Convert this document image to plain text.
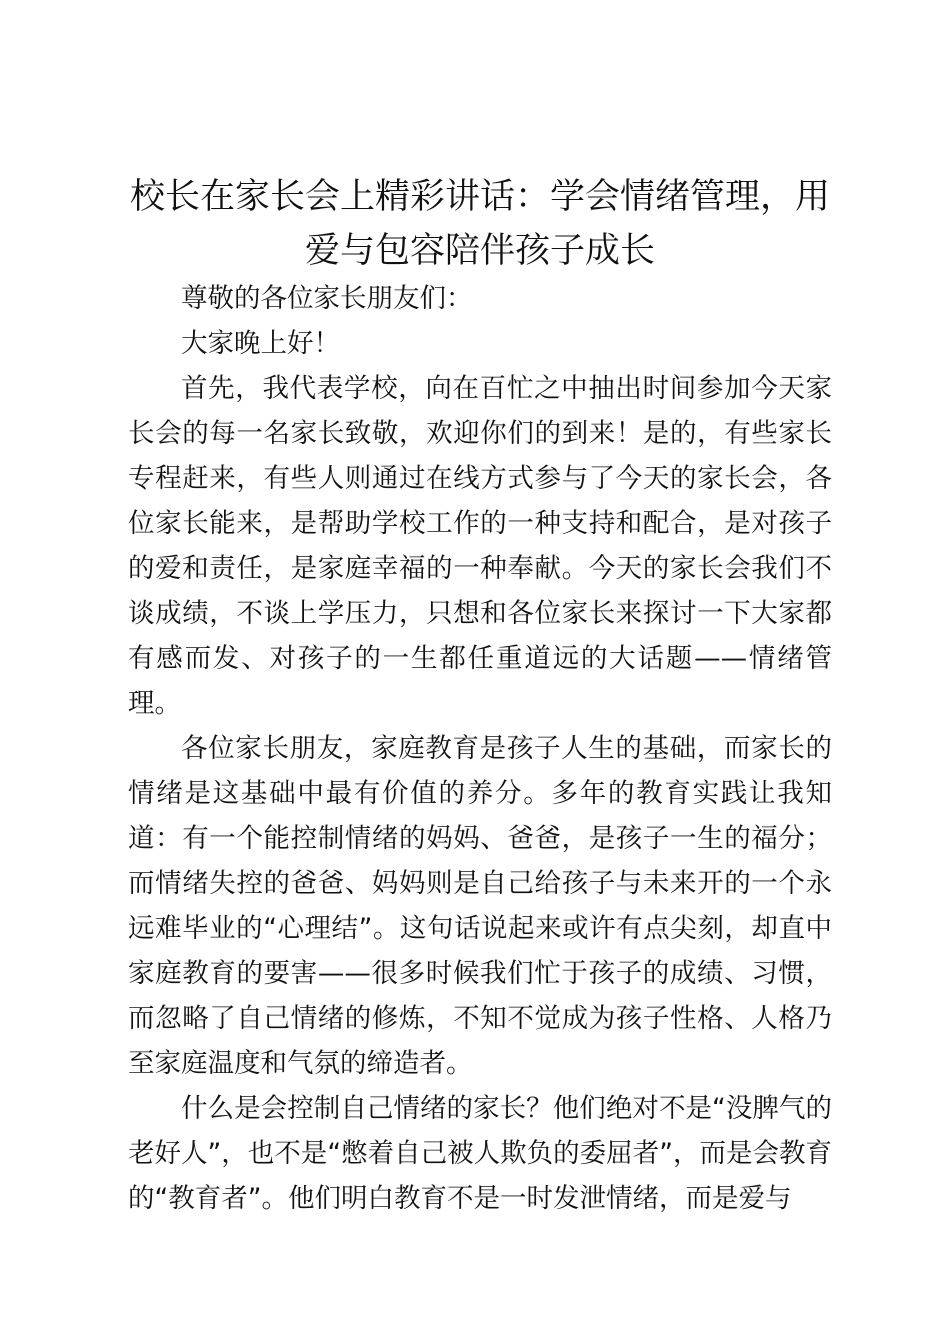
校长在家长会上精彩讲话：学会情绪管理，用爱与包容陪伴孩子成长

尊敬的各位家长朋友们：

大家晚上好！

首先，我代表学校，向在百忙之中抽出时间参加今天家长会的每一名家长致敬，欢迎你们的到来！是的，有些家长专程赶来，有些人则通过在线方式参与了今天的家长会，各位家长能来，是帮助学校工作的一种支持和配合，是对孩子的爱和责任，是家庭幸福的一种奉献。今天的家长会我们不谈成绩，不谈上学压力，只想和各位家长来探讨一下大家都有感而发、对孩子的一生都任重道远的大话题——情绪管理。

各位家长朋友，家庭教育是孩子人生的基础，而家长的情绪是这基础中最有价值的养分。多年的教育实践让我知道：有一个能控制情绪的妈妈、爸爸，是孩子一生的福分；而情绪失控的爸爸、妈妈则是自己给孩子与未来开的一个永远难毕业的“心理结”。这句话说起来或许有点尖刻，却直中家庭教育的要害——很多时候我们忙于孩子的成绩、习惯，而忽略了自己情绪的修炼，不知不觉成为孩子性格、人格乃至家庭温度和气氛的缔造者。

什么是会控制自己情绪的家长？他们绝对不是“没脾气的老好人”，也不是“憋着自己被人欺负的委屈者”，而是会教育的“教育者”。他们明白教育不是一时发泄情绪，而是爱与
